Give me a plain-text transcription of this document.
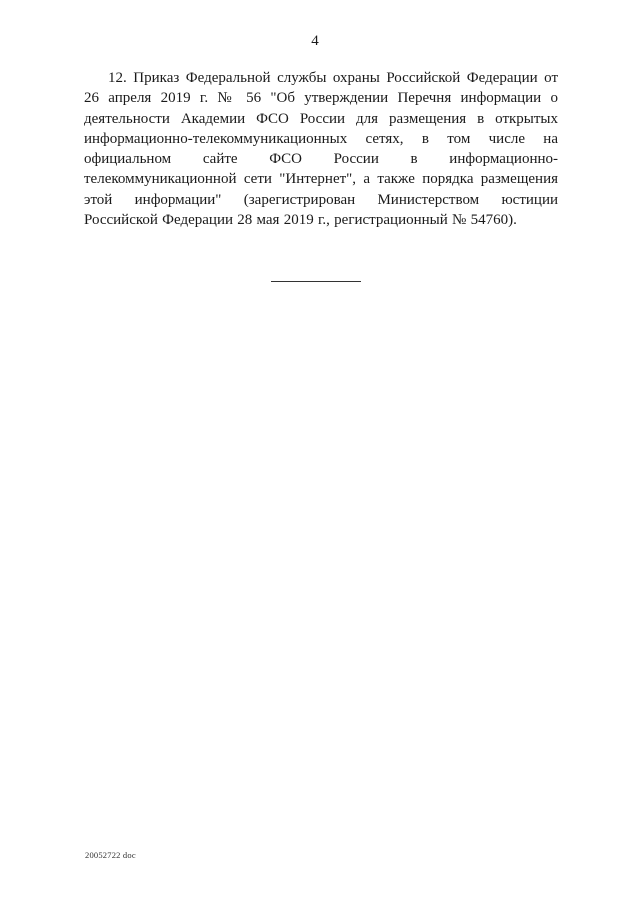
4

12. Приказ Федеральной службы охраны Российской Федерации от 26 апреля 2019 г. № 56 "Об утверждении Перечня информации о деятельности Академии ФСО России для размещения в открытых информационно-телекоммуникационных сетях, в том числе на официальном сайте ФСО России в информационно-телекоммуникационной сети "Интернет", а также порядка размещения этой информации" (зарегистрирован Министерством юстиции Российской Федерации 28 мая 2019 г., регистрационный № 54760).

20052722 doc
